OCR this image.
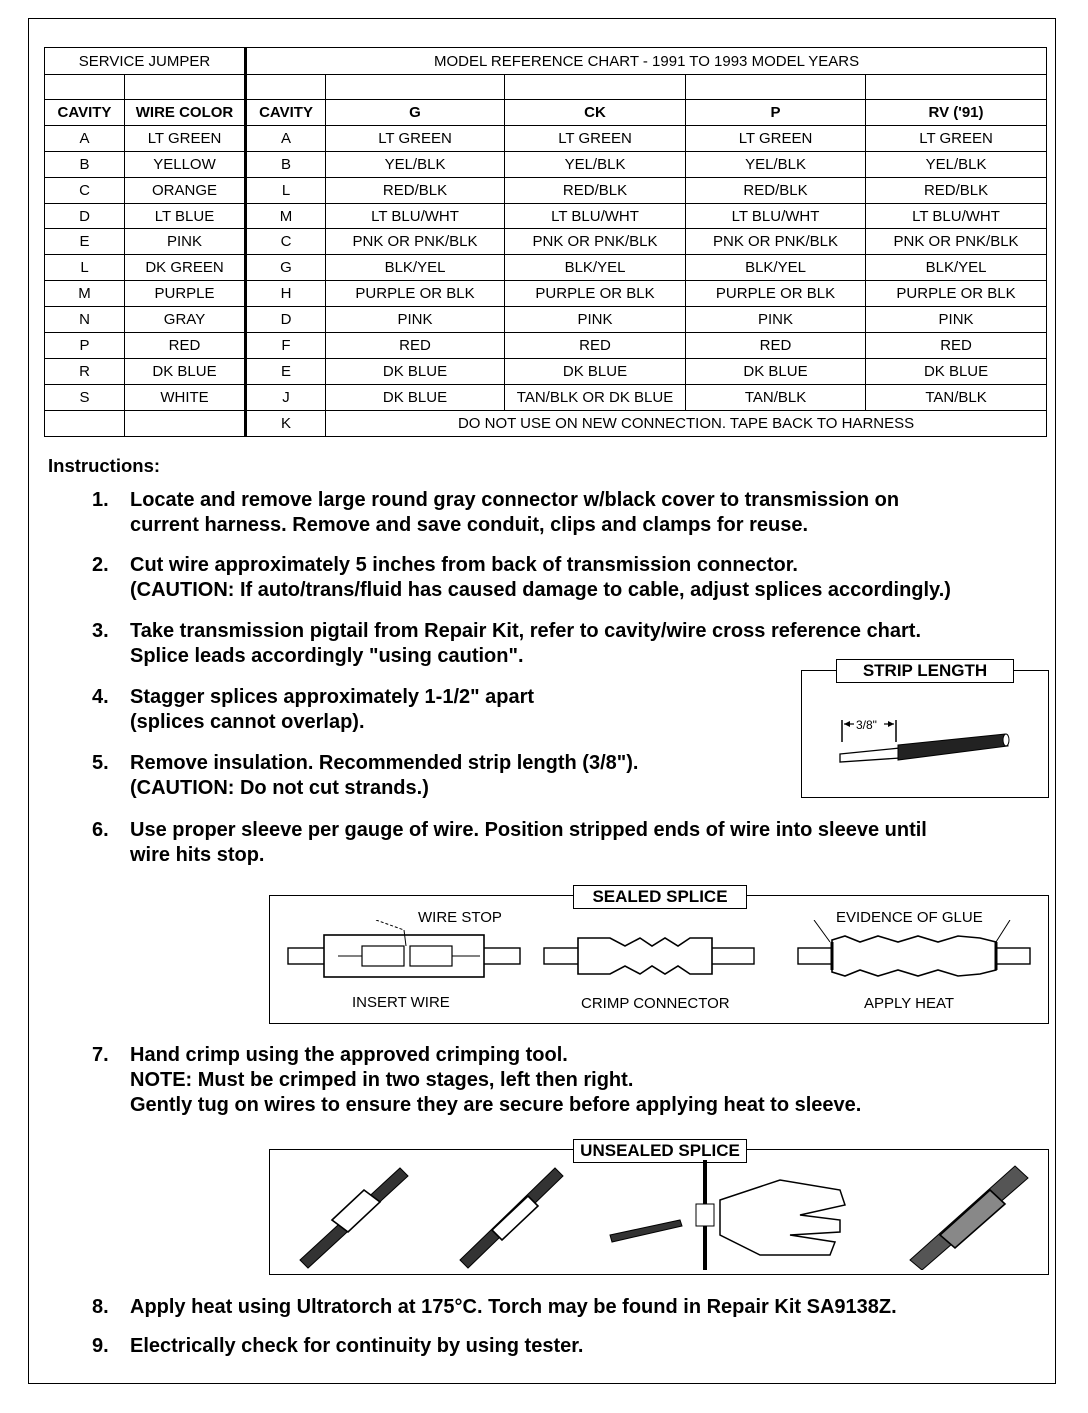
SERVICE JUMPER		MODEL REFERENCE CHART - 1991 TO 1993 MODEL YEARS				

CAVITY	WIRE COLOR	CAVITY	G	CK	P	RV ('91)
A	LT GREEN	A	LT GREEN	LT GREEN	LT GREEN	LT GREEN
B	YELLOW	B	YEL/BLK	YEL/BLK	YEL/BLK	YEL/BLK
C	ORANGE	L	RED/BLK	RED/BLK	RED/BLK	RED/BLK
D	LT BLUE	M	LT BLU/WHT	LT BLU/WHT	LT BLU/WHT	LT BLU/WHT
E	PINK	C	PNK OR PNK/BLK	PNK OR PNK/BLK	PNK OR PNK/BLK	PNK OR PNK/BLK
L	DK GREEN	G	BLK/YEL	BLK/YEL	BLK/YEL	BLK/YEL
M	PURPLE	H	PURPLE OR BLK	PURPLE OR BLK	PURPLE OR BLK	PURPLE OR BLK
N	GRAY	D	PINK	PINK	PINK	PINK
P	RED	F	RED	RED	RED	RED
R	DK BLUE	E	DK BLUE	DK BLUE	DK BLUE	DK BLUE
S	WHITE	J	DK BLUE	TAN/BLK OR DK BLUE	TAN/BLK	TAN/BLK
		K	DO NOT USE ON NEW CONNECTION. TAPE BACK TO HARNESS			
Instructions:
1.	Locate and remove large round gray connector w/black cover to transmission on
current harness. Remove and save conduit, clips and clamps for reuse.
2.	Cut wire approximately 5 inches from back of transmission connector.
(CAUTION: If auto/trans/fluid has caused damage to cable, adjust splices accordingly.)
3.	Take transmission pigtail from Repair Kit, refer to cavity/wire cross reference chart.
Splice leads accordingly "using caution".
4.	Stagger splices approximately 1-1/2" apart
(splices cannot overlap).
5.	Remove insulation. Recommended strip length (3/8").
(CAUTION: Do not cut strands.)
6.	Use proper sleeve per gauge of wire. Position stripped ends of wire into sleeve until
wire hits stop.
7.	Hand crimp using the approved crimping tool.
NOTE: Must be crimped in two stages, left then right.
Gently tug on wires to ensure they are secure before applying heat to sleeve.
8.	Apply heat using Ultratorch at 175°C. Torch may be found in Repair Kit SA9138Z.
9.	Electrically check for continuity by using tester.
STRIP LENGTH
3/8"
SEALED SPLICE
WIRE STOP	EVIDENCE OF GLUE
INSERT WIRE	CRIMP CONNECTOR	APPLY HEAT
UNSEALED SPLICE
